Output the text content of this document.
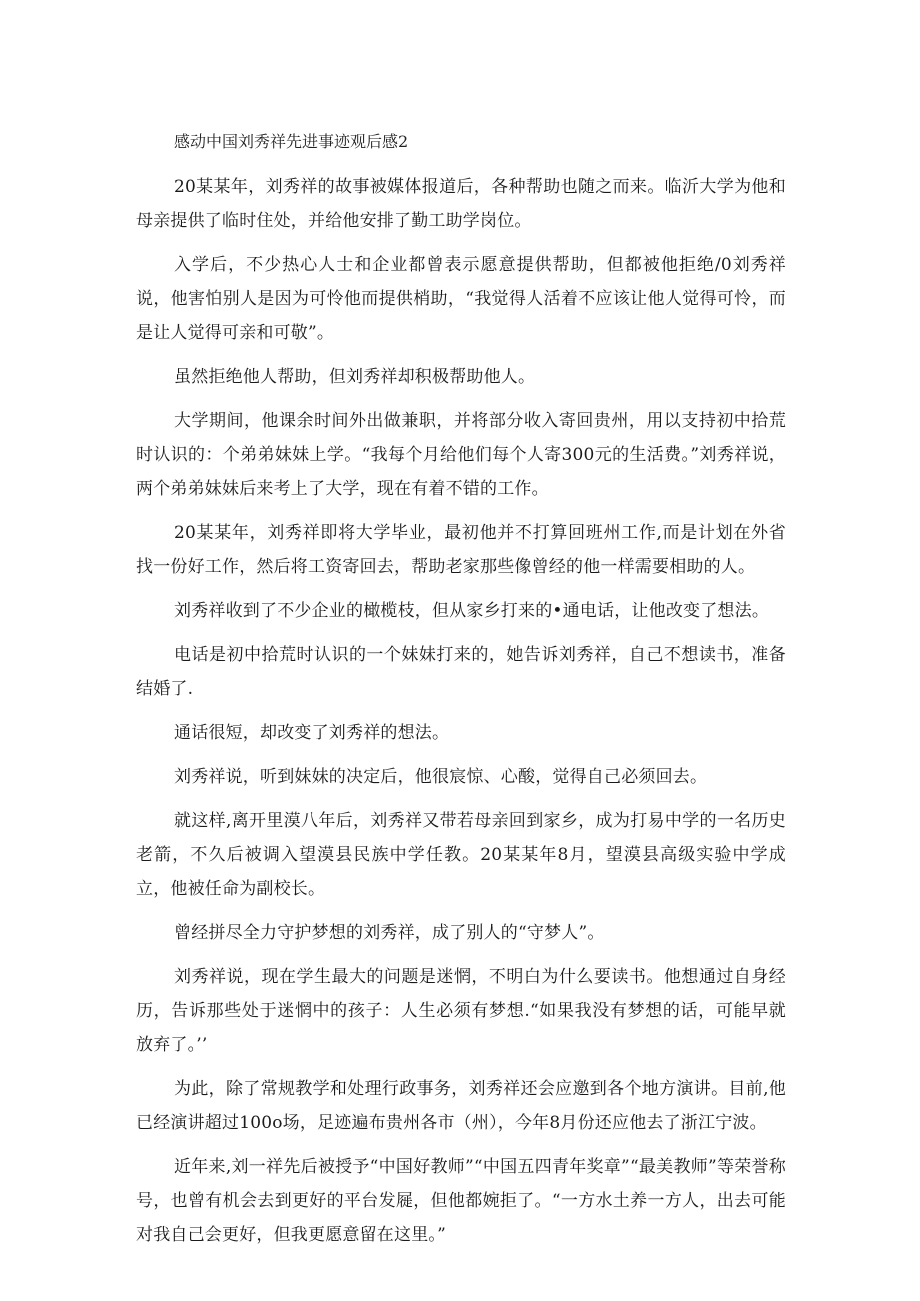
感动中国刘秀祥先进事迹观后感2

20某某年，刘秀祥的故事被媒体报道后，各种帮助也随之而来。临沂大学为他和母亲提供了临时住处，并给他安排了勤工助学岗位。

入学后，不少热心人士和企业都曾表示愿意提供帮助，但都被他拒绝/0刘秀祥说，他害怕别人是因为可怜他而提供梢助，“我觉得人活着不应该让他人觉得可怜，而是让人觉得可亲和可敬”。

虽然拒绝他人帮助，但刘秀祥却积极帮助他人。

大学期间，他课余时间外出做兼职，并将部分收入寄回贵州，用以支持初中拾荒时认识的：个弟弟妹妹上学。“我每个月给他们每个人寄300元的生活费。”刘秀祥说，两个弟弟妹妹后来考上了大学，现在有着不错的工作。

20某某年，刘秀祥即将大学毕业，最初他并不打算回班州工作,而是计划在外省找一份好工作，然后将工资寄回去，帮助老家那些像曾经的他一样需要相助的人。

刘秀祥收到了不少企业的橄榄枝，但从家乡打来的•通电话，让他改变了想法。

电话是初中拾荒时认识的一个妹妹打来的，她告诉刘秀祥，自己不想读书，准备结婚了.

通话很短，却改变了刘秀祥的想法。

刘秀祥说，听到妹妹的决定后，他很宸惊、心酸，觉得自己必须回去。

就这样,离开里漠八年后，刘秀祥又带若母亲回到家乡，成为打易中学的一名历史老箭，不久后被调入望漠县民族中学任教。20某某年8月，望漠县高级实验中学成立，他被任命为副校长。

曾经拼尽全力守护梦想的刘秀祥，成了别人的“守梦人”。

刘秀祥说，现在学生最大的问题是迷惘，不明白为什么要读书。他想通过自身经历，告诉那些处于迷惘中的孩子：人生必须有梦想.“如果我没有梦想的话，可能早就放弃了。’’

为此，除了常规教学和处理行政事务，刘秀祥还会应邀到各个地方演讲。目前,他已经演讲超过100o场，足迹遍布贵州各市（州），今年8月份还应他去了浙江宁波。

近年来,刘一祥先后被授予“中国好教师”“中国五四青年奖章”“最美教师”等荣誉称号，也曾有机会去到更好的平台发屣，但他都婉拒了。“一方水土养一方人，出去可能对我自己会更好，但我更愿意留在这里。”
